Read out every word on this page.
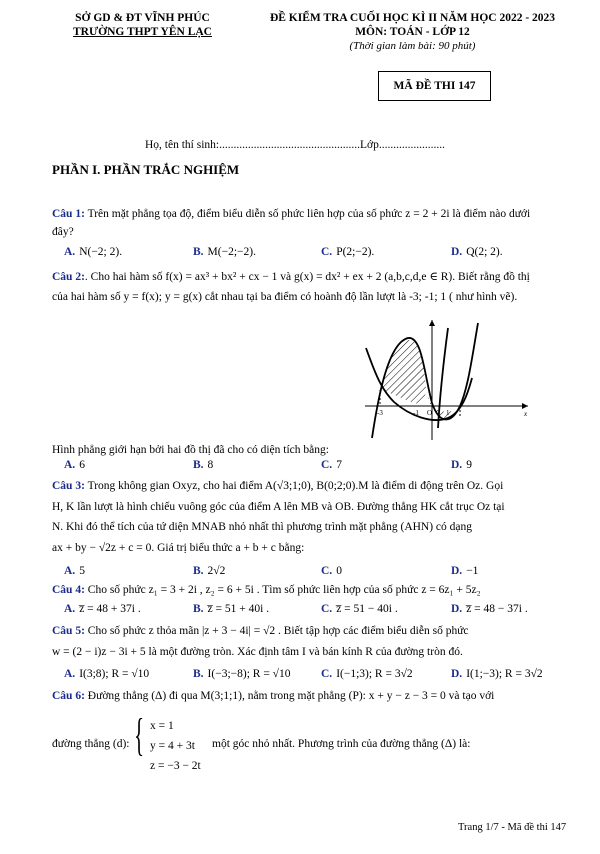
SỞ GD & ĐT VĨNH PHÚC
TRƯỜNG THPT YÊN LẠC
ĐỀ KIỂM TRA CUỐI HỌC KÌ II NĂM HỌC 2022 - 2023
MÔN: TOÁN - LỚP 12
(Thời gian làm bài: 90 phút)
MÃ ĐỀ THI 147
Họ, tên thí sinh:.................................................Lớp.......................
PHẦN I. PHẦN TRẮC NGHIỆM
Câu 1: Trên mặt phẳng tọa độ, điểm biểu diễn số phức liên hợp của số phức z = 2 + 2i là điểm nào dưới
đây?
A. N(−2; 2).	B. M(−2;−2).	C. P(2;−2).	D. Q(2; 2).
Câu 2:. Cho hai hàm số f(x) = ax³ + bx² + cx − 1 và g(x) = dx² + ex + 2 (a,b,c,d,e ∈ R). Biết rằng đồ thị
của hai hàm số y = f(x); y = g(x) cắt nhau tại ba điểm có hoành độ lần lượt là -3; -1; 1 ( như hình vẽ).
-3	-1 O 1	x
Hình phẳng giới hạn bởi hai đồ thị đã cho có diện tích bằng:
A. 6	B. 8	C. 7	D. 9
Câu 3: Trong không gian Oxyz, cho hai điểm A(√3;1;0), B(0;2;0).M là điểm di động trên Oz. Gọi
H, K lần lượt là hình chiếu vuông góc của điểm A lên MB và OB. Đường thẳng HK cắt trục Oz tại
N. Khi đó thể tích của tứ diện MNAB nhỏ nhất thì phương trình mặt phẳng (AHN) có dạng
ax + by − √2z + c = 0. Giá trị biểu thức a + b + c bằng:
A. 5	B. 2√2	C. 0	D. −1
Câu 4: Cho số phức z₁ = 3 + 2i , z₂ = 6 + 5i . Tìm số phức liên hợp của số phức z = 6z₁ + 5z₂
A. z̅ = 48 + 37i .	B. z̅ = 51 + 40i .	C. z̅ = 51 − 40i .	D. z̅ = 48 − 37i .
Câu 5: Cho số phức z thỏa mãn |z + 3 − 4i| = √2 . Biết tập hợp các điểm biểu diễn số phức
w = (2 − i)z − 3i + 5 là một đường tròn. Xác định tâm I và bán kính R của đường tròn đó.
A. I(3;8); R = √10	B. I(−3;−8); R = √10	C. I(−1;3); R = 3√2	D. I(1;−3); R = 3√2
Câu 6: Đường thẳng (Δ) đi qua M(3;1;1), nằm trong mặt phẳng (P): x + y − z − 3 = 0 và tạo với
đường thẳng (d): { x = 1
y = 4 + 3t
z = −3 − 2t
một góc nhỏ nhất. Phương trình của đường thẳng (Δ) là:
Trang 1/7 - Mã đề thi 147
